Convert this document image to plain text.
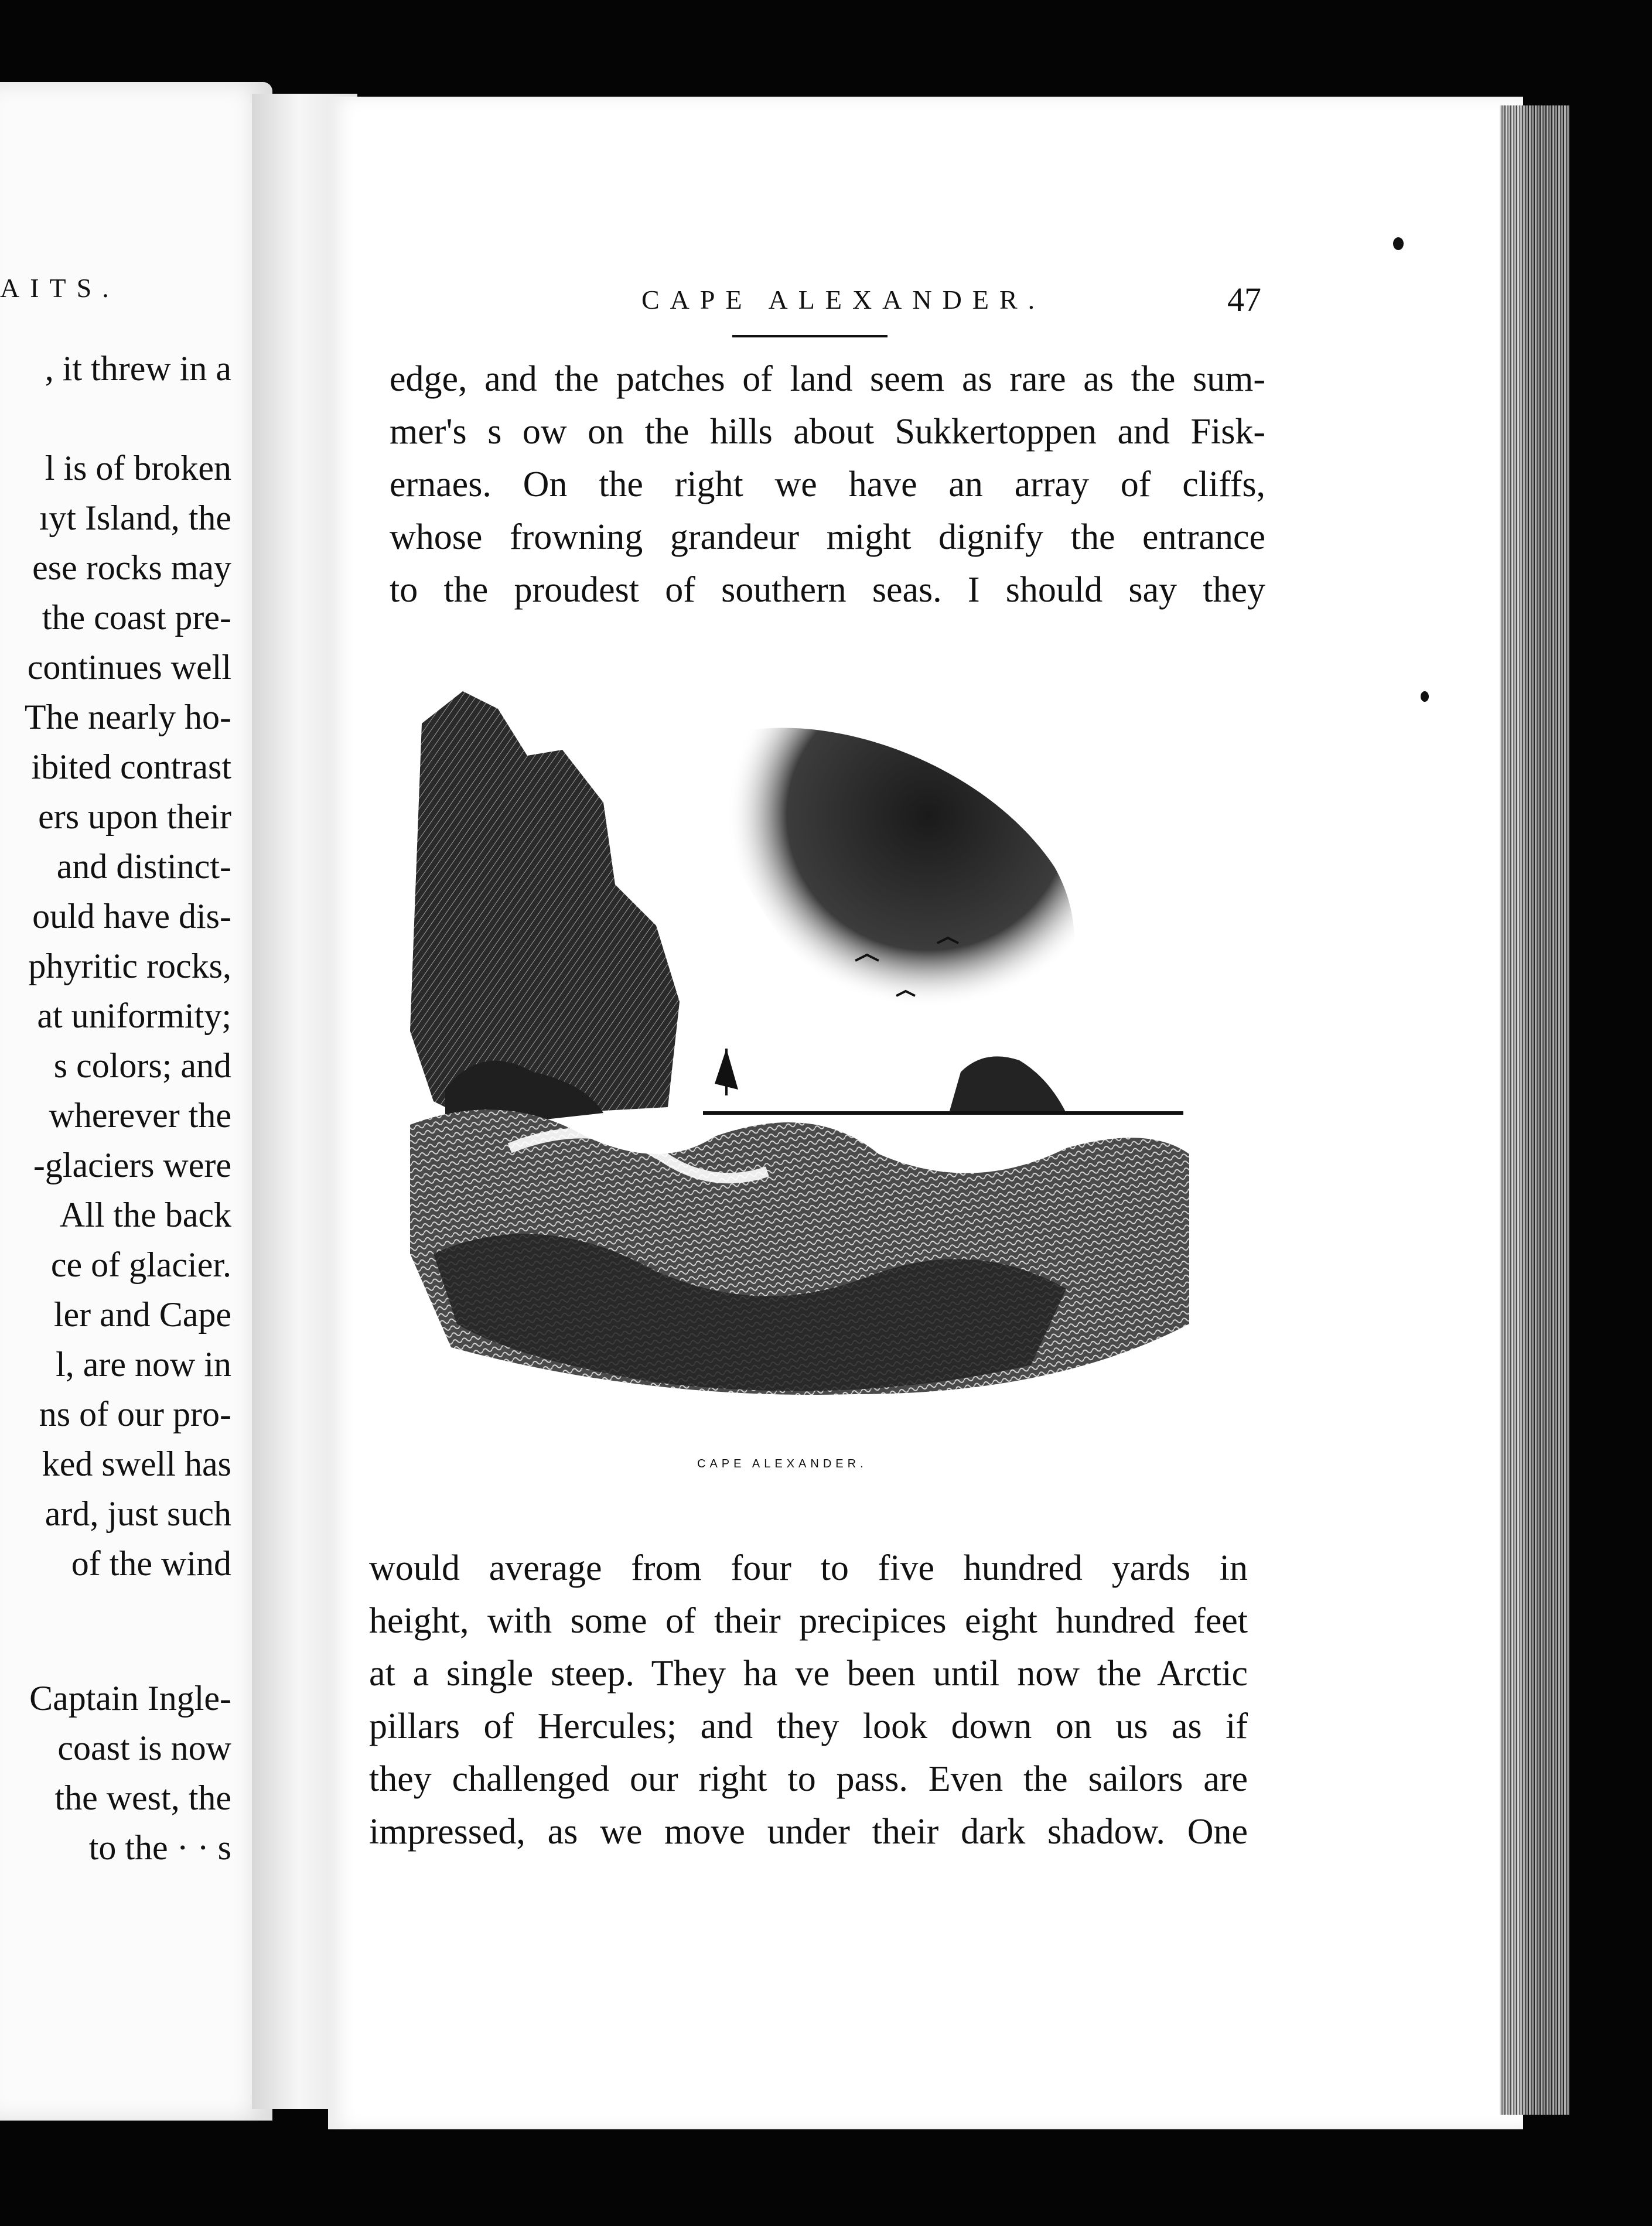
AITS.	CAPE ALEXANDER.	47
, it threw in a
l is of broken
ıyt Island, the
ese rocks may
the coast pre-
continues well
The nearly ho-
ibited contrast
ers upon their
and distinct-
ould have dis-
phyritic rocks,
at uniformity;
s colors; and
wherever the
-glaciers were
All the back
ce of glacier.
ler and Cape
l, are now in
ns of our pro-
ked swell has
ard, just such
of the wind
Captain Ingle-
coast is now
the west, the
to the · · s
edge, and the patches of land seem as rare as the sum-
mer's s ow on the hills about Sukkertoppen and Fisk-
ernaes. On the right we have an array of cliffs,
whose frowning grandeur might dignify the entrance
to the proudest of southern seas. I should say they
CAPE ALEXANDER.
would average from four to five hundred yards in
height, with some of their precipices eight hundred feet
at a single steep. They ha ve been until now the Arctic
pillars of Hercules; and they look down on us as if
they challenged our right to pass. Even the sailors are
impressed, as we move under their dark shadow. One
